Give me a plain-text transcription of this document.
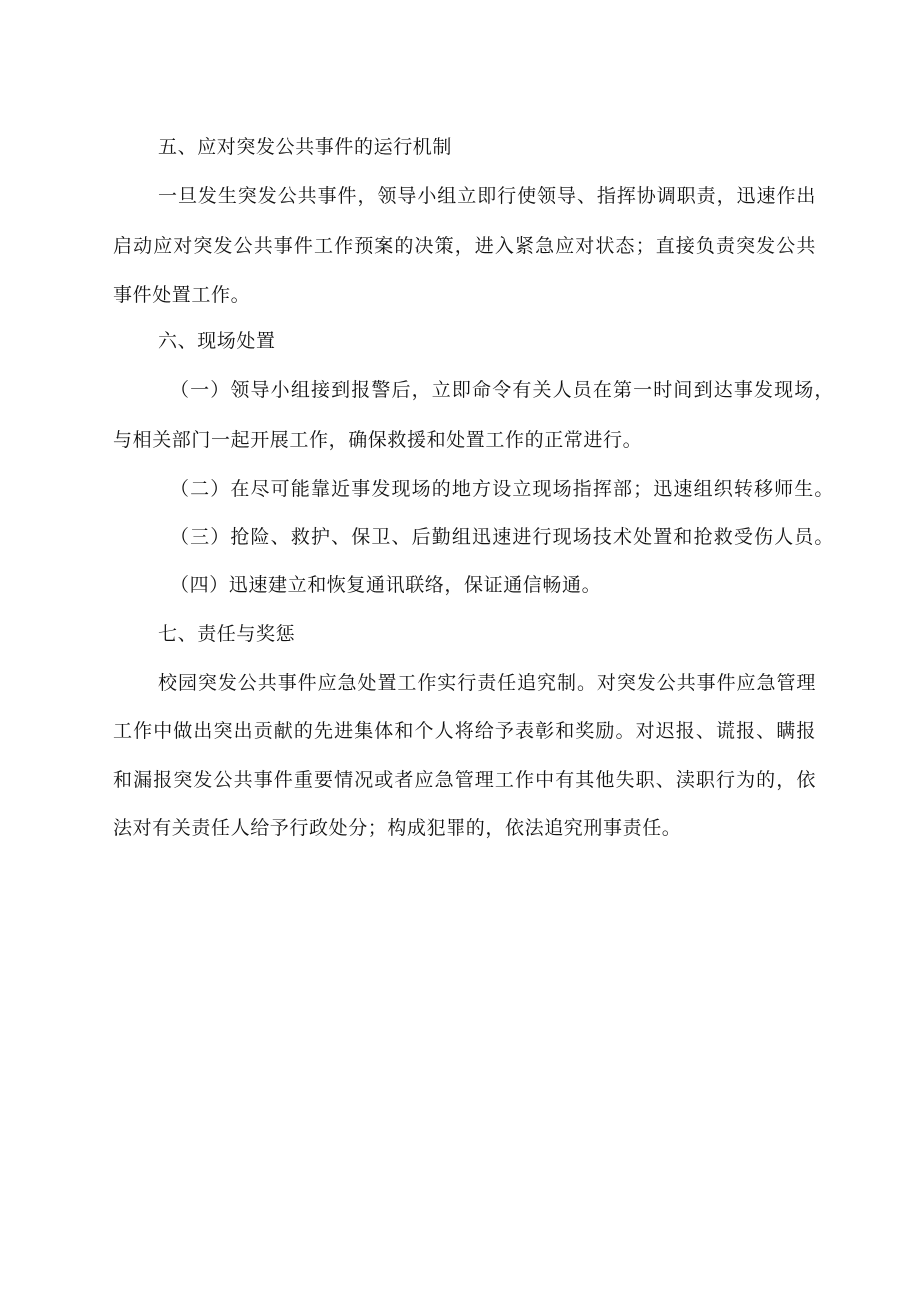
五、应对突发公共事件的运行机制
一旦发生突发公共事件，领导小组立即行使领导、指挥协调职责，迅速作出
启动应对突发公共事件工作预案的决策，进入紧急应对状态；直接负责突发公共
事件处置工作。
六、现场处置
（一）领导小组接到报警后，立即命令有关人员在第一时间到达事发现场，
与相关部门一起开展工作，确保救援和处置工作的正常进行。
（二）在尽可能靠近事发现场的地方设立现场指挥部；迅速组织转移师生。
（三）抢险、救护、保卫、后勤组迅速进行现场技术处置和抢救受伤人员。
（四）迅速建立和恢复通讯联络，保证通信畅通。
七、责任与奖惩
校园突发公共事件应急处置工作实行责任追究制。对突发公共事件应急管理
工作中做出突出贡献的先进集体和个人将给予表彰和奖励。对迟报、谎报、瞒报
和漏报突发公共事件重要情况或者应急管理工作中有其他失职、渎职行为的，依
法对有关责任人给予行政处分；构成犯罪的，依法追究刑事责任。
